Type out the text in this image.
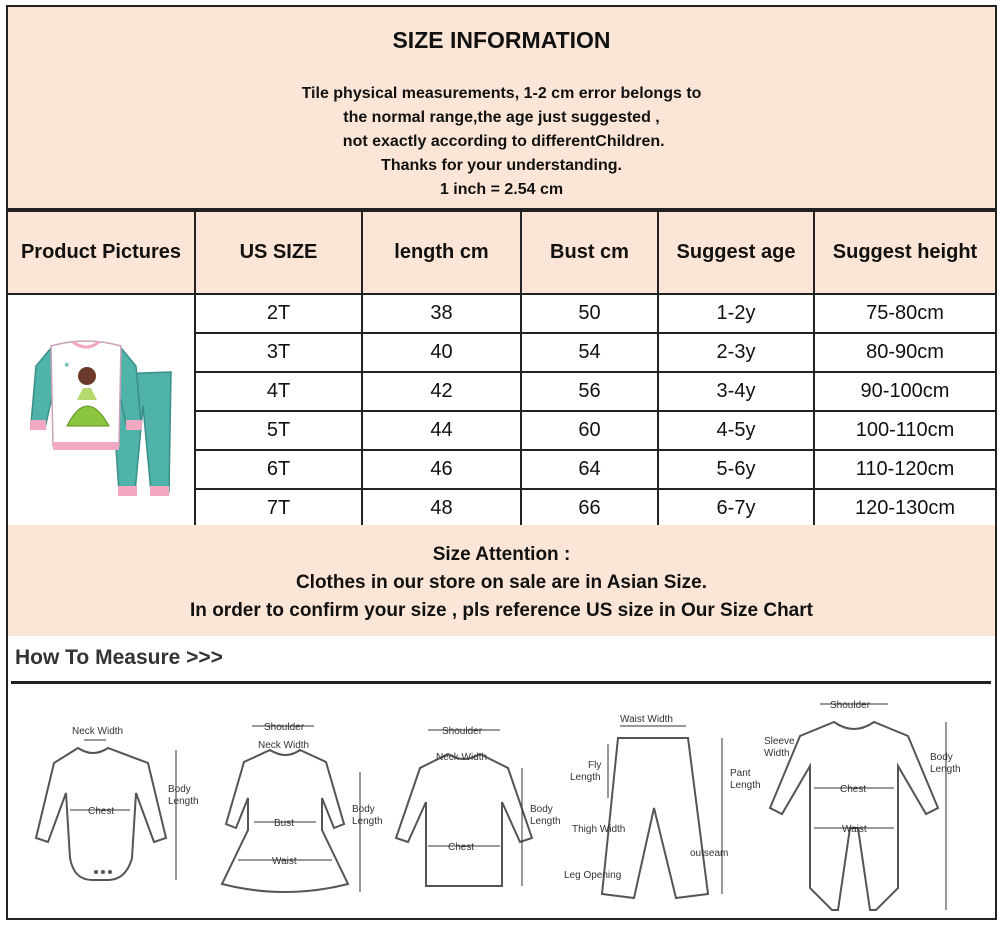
SIZE INFORMATION
Tile physical measurements, 1-2 cm error belongs to
the normal range,the age just suggested ,
not exactly according to differentChildren.
Thanks for your understanding.
1 inch = 2.54 cm
Product Pictures	US SIZE	length cm	Bust cm	Suggest age	Suggest height

✶	2T	38	50	1-2y	75-80cm
	3T	40	54	2-3y	80-90cm
	4T	42	56	3-4y	90-100cm
	5T	44	60	4-5y	100-110cm
	6T	46	64	5-6y	110-120cm
	7T	48	66	6-7y	120-130cm
Size Attention :
Clothes in our store on sale are in Asian Size.
In order to confirm your size , pls reference US size in Our Size Chart
How To Measure >>>
Neck Width
Chest
Body
Length
Shoulder
Neck Width
Bust
Waist
Body
Length
Shoulder
Neck Width
Chest
Body
Length
Waist Width
Fly
Length	Pant
Length
Thigh Width
outseam
Leg Opening
Shoulder
Sleeve
Width	Body
Length
Chest
Waist
